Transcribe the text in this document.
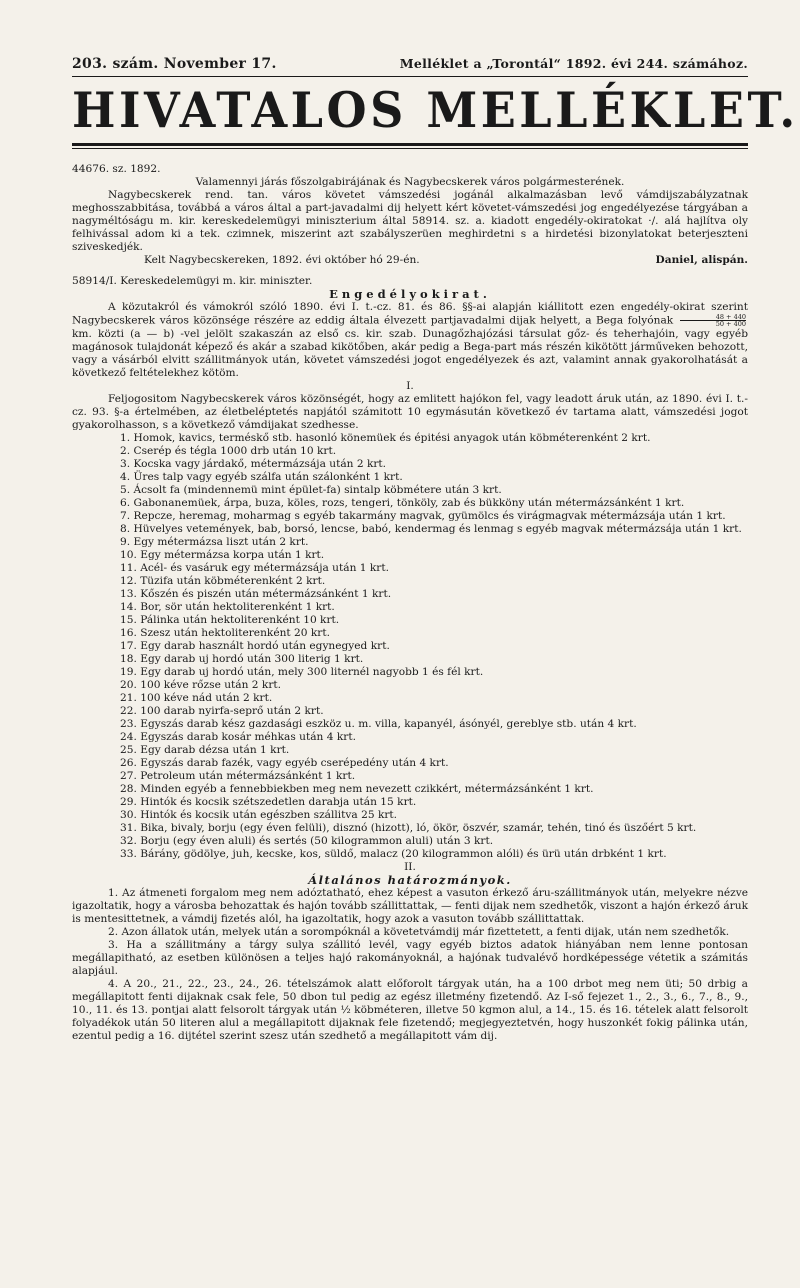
203. szám. November 17.	Melléklet a „Torontál“ 1892. évi 244. számához.
HIVATALOS MELLÉKLET.

44676. sz. 1892.

Valamennyi járás főszolgabirájának és Nagybecskerek város polgármesterének.

Nagybecskerek rend. tan. város követet vámszedési jogánál alkalmazásban levő vámdijszabályzatnak meghosszabbitása, továbbá a város által a part-javadalmi dij helyett kért követet-vámszedési jog engedélyezése tárgyában a nagyméltóságu m. kir. kereskedelemügyi miniszterium által 58914. sz. a. kiadott engedély-okiratokat ·/. alá hajlítva oly felhivással adom ki a tek. czimnek, miszerint azt szabályszerüen meghirdetni s a hirdetési bizonylatokat beterjeszteni sziveskedjék.

Kelt Nagybecskereken, 1892. évi október hó 29-én.	Daniel, alispán.

58914/I. Kereskedelemügyi m. kir. miniszter.

Engedélyokirat.

A közutakról és vámokról szóló 1890. évi I. t.-cz. 81. és 86. §§-ai alapján kiállitott ezen engedély-okirat szerint Nagybecskerek város közönsége részére az eddig általa élvezett partjavadalmi dijak helyett, a Bega folyónak $\frac{48 + 440}{50 + 400}$
km. közti (a — b) -vel jelölt szakaszán az első cs. kir. szab. Dunagőzhajózási társulat gőz- és teherhajóin, vagy egyéb magánosok tulajdonát képező és akár a szabad kikötőben, akár pedig a Bega-part más részén kikötött járműveken behozott, vagy a vásárból elvitt szállitmányok után, követet vámszedési jogot engedélyezek és azt, valamint annak gyakorolhatását a következő feltételekhez kötöm.

I.

Feljogositom Nagybecskerek város közönségét, hogy az emlitett hajókon fel, vagy leadott áruk után, az 1890. évi I. t.-cz. 93. §-a értelmében, az életbeléptetés napjától számitott 10 egymásután következő év tartama alatt, vámszedési jogot gyakorolhasson, s a következő vámdijakat szedhesse.

1. Homok, kavics, terméskő stb. hasonló könemüek és épitési anyagok után köbméterenként 2 krt.

2. Cserép és tégla 1000 drb után 10 krt.

3. Kocska vagy járdakő, métermázsája után 2 krt.

4. Üres talp vagy egyéb szálfa után szálonként 1 krt.

5. Ácsolt fa (mindennemü mint épület-fa) sintalp köbmétere után 3 krt.

6. Gabonanemüek, árpa, buza, köles, rozs, tengeri, tönköly, zab és bükköny után métermázsánként 1 krt.

7. Repcze, heremag, moharmag s egyéb takarmány magvak, gyümölcs és virágmagvak métermázsája után 1 krt.

8. Hüvelyes vetemények, bab, borsó, lencse, babó, kendermag és lenmag s egyéb magvak métermázsája után 1 krt.

9. Egy métermázsa liszt után 2 krt.

10. Egy métermázsa korpa után 1 krt.

11. Acél- és vasáruk egy métermázsája után 1 krt.

12. Tüzifa után köbméterenként 2 krt.

13. Kőszén és piszén után métermázsánként 1 krt.

14. Bor, sör után hektoliterenként 1 krt.

15. Pálinka után hektoliterenként 10 krt.

16. Szesz után hektoliterenként 20 krt.

17. Egy darab használt hordó után egynegyed krt.

18. Egy darab uj hordó után 300 literig 1 krt.

19. Egy darab uj hordó után, mely 300 liternél nagyobb 1 és fél krt.

20. 100 kéve rőzse után 2 krt.

21. 100 kéve nád után 2 krt.

22. 100 darab nyirfa-seprő után 2 krt.

23. Egyszás darab kész gazdasági eszköz u. m. villa, kapanyél, ásónyél, gereblye stb. után 4 krt.

24. Egyszás darab kosár méhkas után 4 krt.

25. Egy darab dézsa után 1 krt.

26. Egyszás darab fazék, vagy egyéb cserépedény után 4 krt.

27. Petroleum után métermázsánként 1 krt.

28. Minden egyéb a fennebbiekben meg nem nevezett czikkért, métermázsánként 1 krt.

29. Hintók és kocsik szétszedetlen darabja után 15 krt.

30. Hintók és kocsik után egészben szállitva 25 krt.

31. Bika, bivaly, borju (egy éven felüli), disznó (hizott), ló, ökör, öszvér, szamár, tehén, tinó és üszőért 5 krt.

32. Borju (egy éven aluli) és sertés (50 kilogrammon aluli) után 3 krt.

33. Bárány, gödölye, juh, kecske, kos, süldő, malacz (20 kilogrammon alóli) és ürü után drbként 1 krt.

II.

Általános határozmányok.

1. Az átmeneti forgalom meg nem adóztatható, ehez képest a vasuton érkező áru-szállitmányok után, melyekre nézve igazoltatik, hogy a városba behozattak és hajón tovább szállittattak, — fenti dijak nem szedhetők, viszont a hajón érkező áruk is mentesittetnek, a vámdij fizetés alól, ha igazoltatik, hogy azok a vasuton tovább szállittattak.

2. Azon állatok után, melyek után a sorompóknál a követetvámdij már fizettetett, a fenti dijak, után nem szedhetők.

3. Ha a szállitmány a tárgy sulya szállitó levél, vagy egyéb biztos adatok hiányában nem lenne pontosan megállapitható, az esetben különösen a teljes hajó rakományoknál, a hajónak tudvalévő hordképessége vétetik a számitás alapjául.

4. A 20., 21., 22., 23., 24., 26. tételszámok alatt előforolt tárgyak után, ha a 100 drbot meg nem üti; 50 drbig a megállapitott fenti dijaknak csak fele, 50 dbon tul pedig az egész illetmény fizetendő. Az I-ső fejezet 1., 2., 3., 6., 7., 8., 9., 10., 11. és 13. pontjai alatt felsorolt tárgyak után ½ köbméteren, illetve 50 kgmon alul, a 14., 15. és 16. tételek alatt felsorolt folyadékok után 50 literen alul a megállapitott dijaknak fele fizetendő; megjegyeztetvén, hogy huszonkét fokig pálinka után, ezentul pedig a 16. dijtétel szerint szesz után szedhető a megállapitott vám dij.
